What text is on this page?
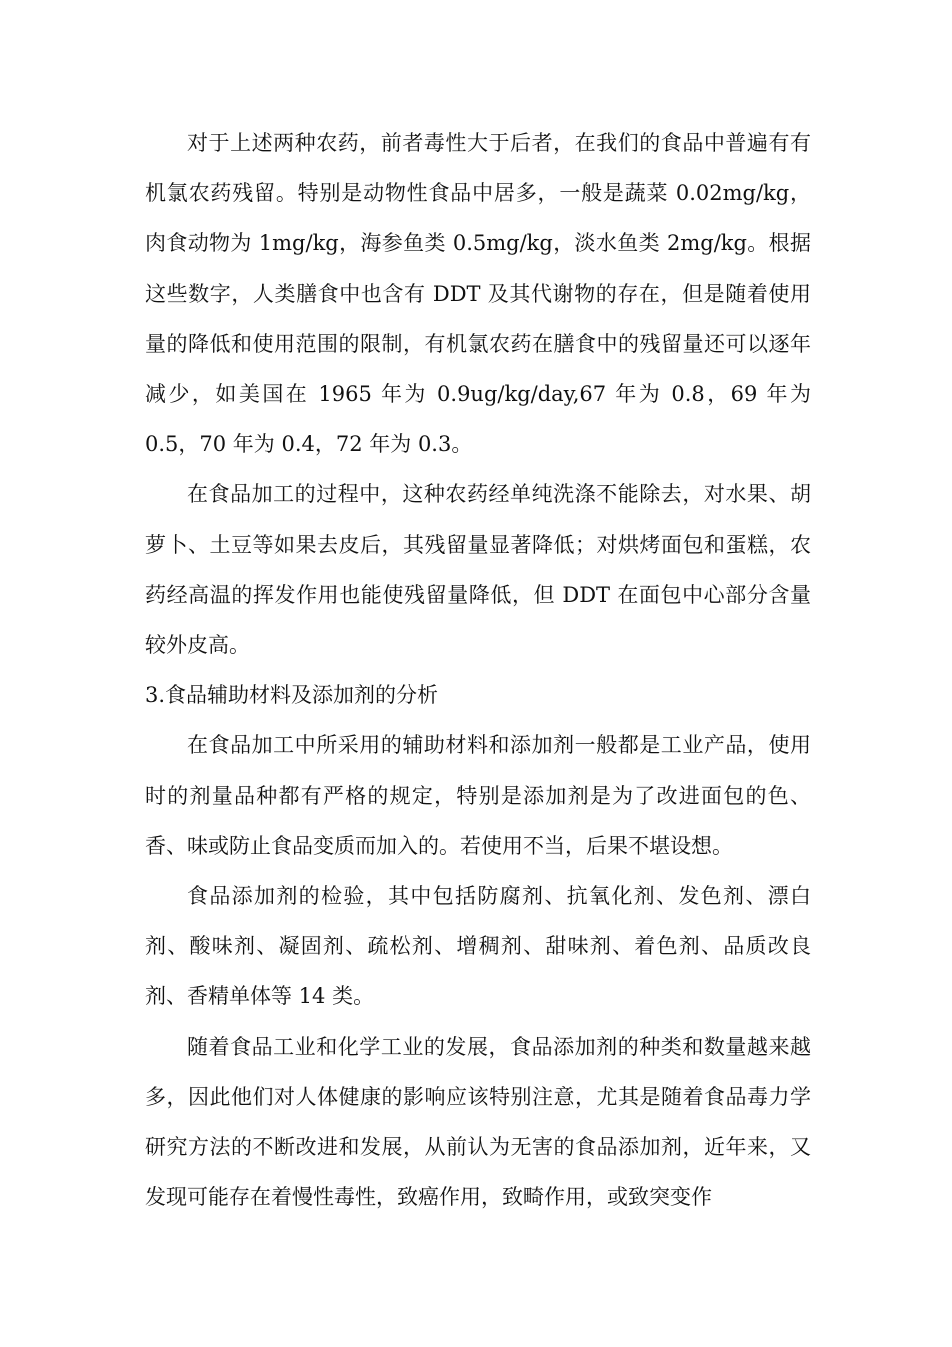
对于上述两种农药，前者毒性大于后者，在我们的食品中普遍有有机氯农药残留。特别是动物性食品中居多，一般是蔬菜 0.02mg/kg，肉食动物为 1mg/kg，海参鱼类 0.5mg/kg，淡水鱼类 2mg/kg。根据这些数字，人类膳食中也含有 DDT 及其代谢物的存在，但是随着使用量的降低和使用范围的限制，有机氯农药在膳食中的残留量还可以逐年减少，如美国在 1965 年为 0.9ug/kg/day,67 年为 0.8，69 年为 0.5，70 年为 0.4，72 年为 0.3。

在食品加工的过程中，这种农药经单纯洗涤不能除去，对水果、胡萝卜、土豆等如果去皮后，其残留量显著降低；对烘烤面包和蛋糕，农药经高温的挥发作用也能使残留量降低，但 DDT 在面包中心部分含量较外皮高。

3.食品辅助材料及添加剂的分析

在食品加工中所采用的辅助材料和添加剂一般都是工业产品，使用时的剂量品种都有严格的规定，特别是添加剂是为了改进面包的色、香、味或防止食品变质而加入的。若使用不当，后果不堪设想。

食品添加剂的检验，其中包括防腐剂、抗氧化剂、发色剂、漂白剂、酸味剂、凝固剂、疏松剂、增稠剂、甜味剂、着色剂、品质改良剂、香精单体等 14 类。

随着食品工业和化学工业的发展，食品添加剂的种类和数量越来越多，因此他们对人体健康的影响应该特别注意，尤其是随着食品毒力学研究方法的不断改进和发展，从前认为无害的食品添加剂，近年来，又发现可能存在着慢性毒性，致癌作用，致畸作用，或致突变作
